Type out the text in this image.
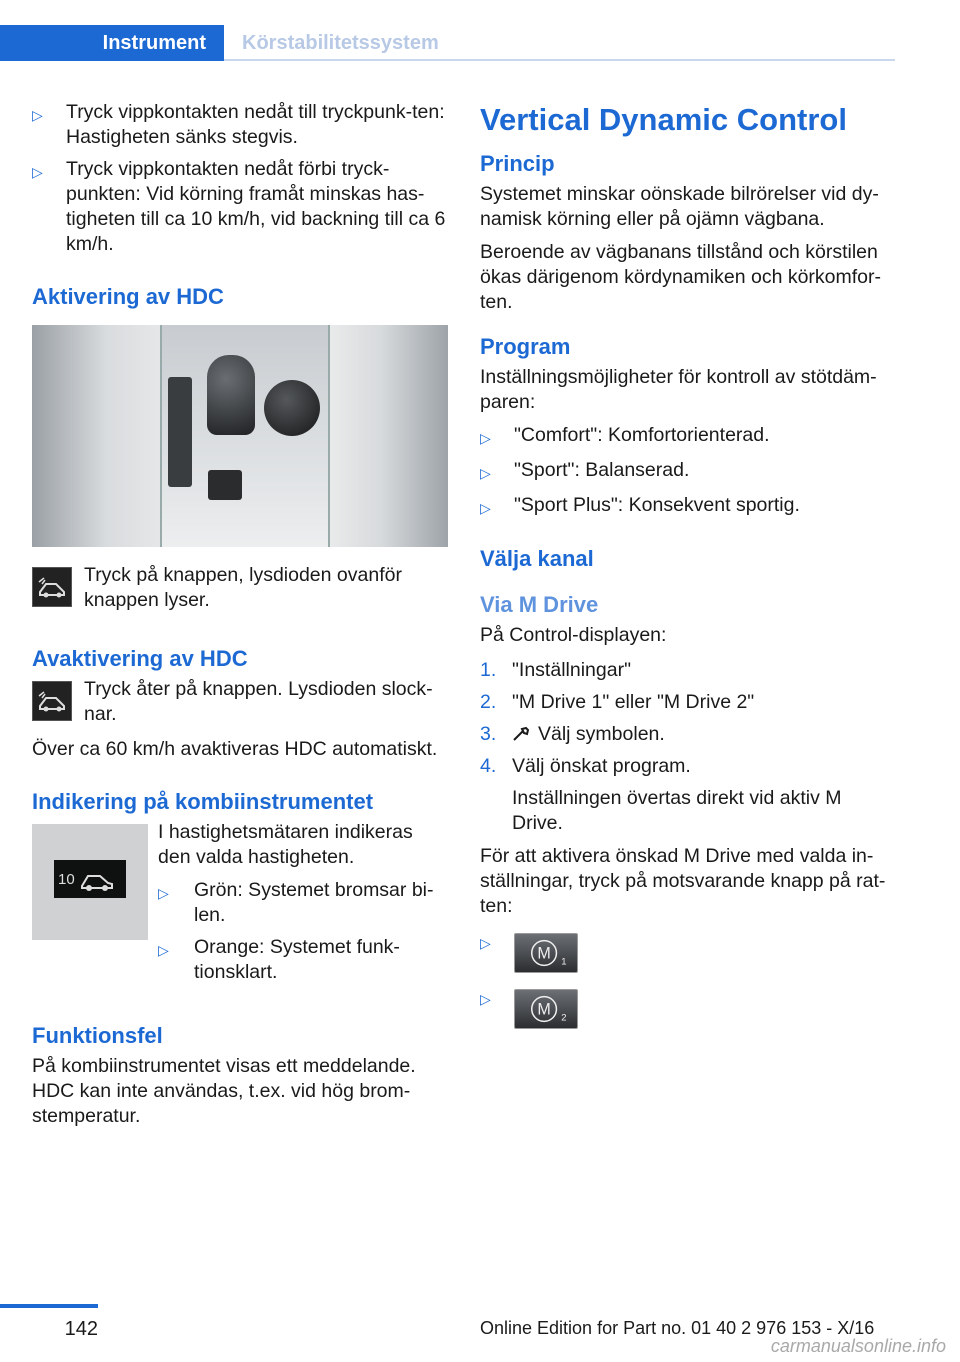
Instrument	Körstabilitetssystem
▷	Tryck vippkontakten nedåt till tryckpunk-ten: Hastigheten sänks stegvis.
▷	Tryck vippkontakten nedåt förbi tryck-punkten: Vid körning framåt minskas has-tigheten till ca 10 km/h, vid backning till ca 6 km/h.
Aktivering av HDC
Tryck på knappen, lysdioden ovanför knappen lyser.
Avaktivering av HDC
Tryck åter på knappen. Lysdioden slock-nar.

Över ca 60 km/h avaktiveras HDC automatiskt.

Indikering på kombiinstrumentet
10

I hastighetsmätaren indikeras den valda hastigheten.

▷	Grön: Systemet bromsar bi-len.
▷	Orange: Systemet funk-tionsklart.
Funktionsfel

På kombiinstrumentet visas ett meddelande. HDC kan inte användas, t.ex. vid hög brom-stemperatur.

Vertical Dynamic Control
Princip

Systemet minskar oönskade bilrörelser vid dy-namisk körning eller på ojämn vägbana.

Beroende av vägbanans tillstånd och körstilen ökas därigenom kördynamiken och körkomfor-ten.

Program

Inställningsmöjligheter för kontroll av stötdäm-paren:

▷	"Comfort": Komfortorienterad.
▷	"Sport": Balanserad.
▷	"Sport Plus": Konsekvent sportig.
Välja kanal
Via M Drive

På Control-displayen:

1. "Inställningar"
2. "M Drive 1" eller "M Drive 2"
3.	Välj symbolen.
4. Välj önskat program.
Inställningen övertas direkt vid aktiv M Drive.

För att aktivera önskad M Drive med valda in-ställningar, tryck på motsvarande knapp på rat-ten:

▷
M 1
▷
M 2
142	Online Edition for Part no. 01 40 2 976 153 - X/16
carmanualsonline.info
